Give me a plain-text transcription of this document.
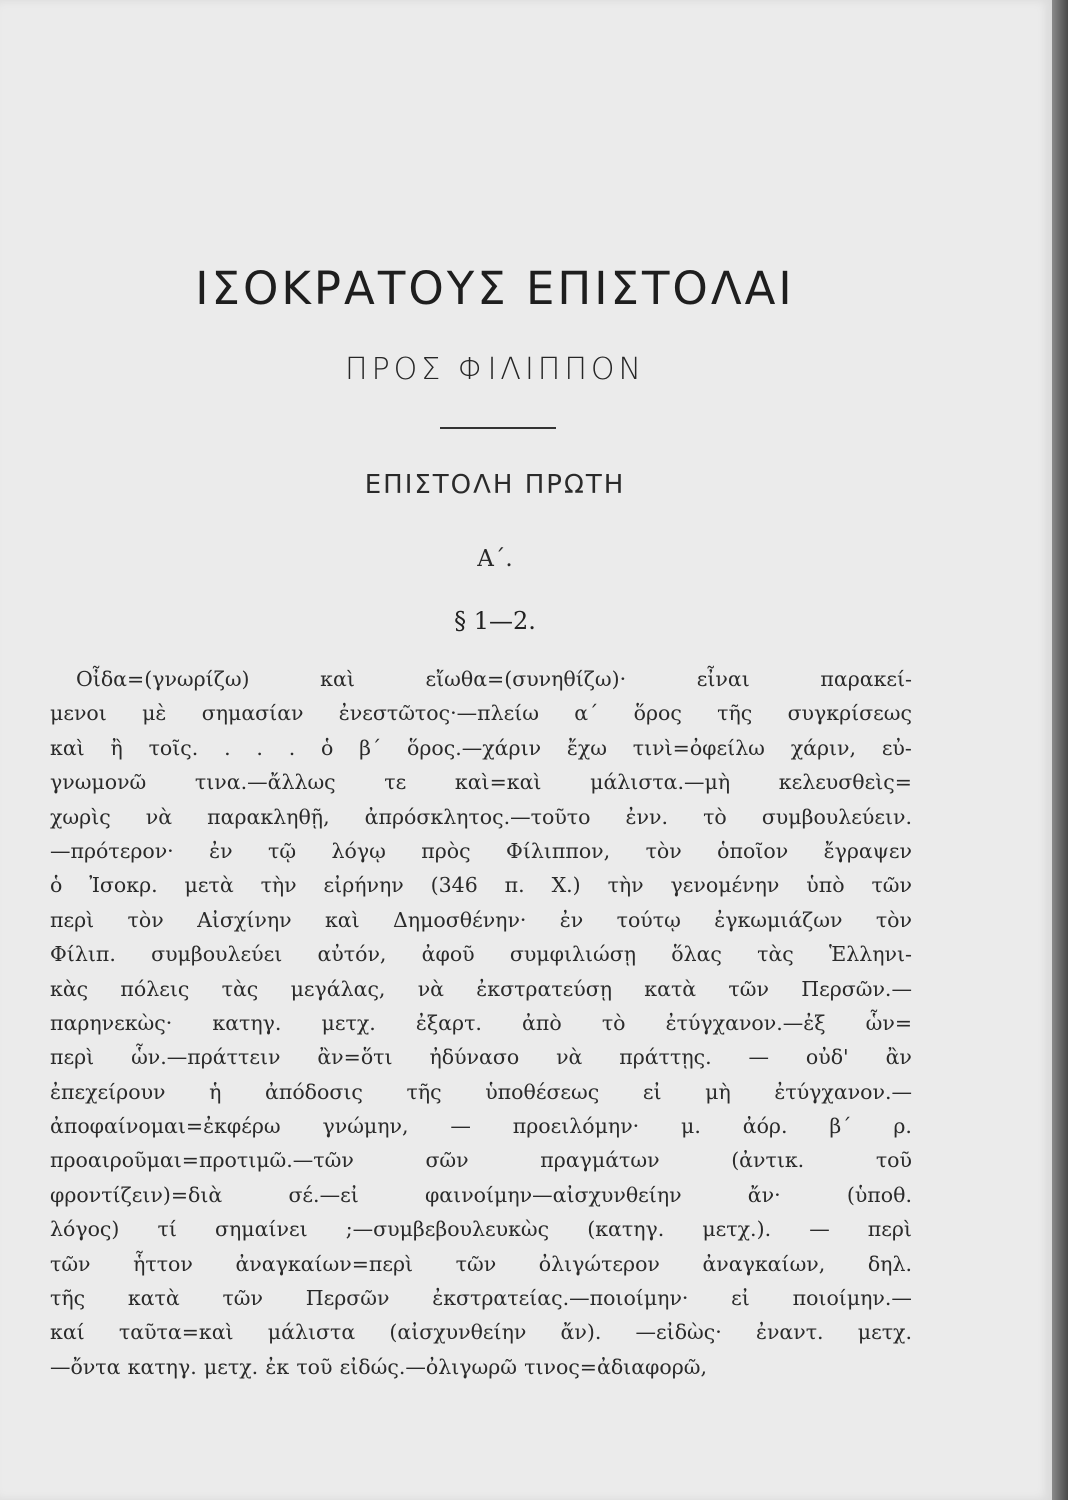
ΙΣΟΚΡΑΤΟΥΣ ΕΠΙΣΤΟΛΑΙ
ΠΡΟΣ ΦΙΛΙΠΠΟΝ
ΕΠΙΣΤΟΛΗ ΠΡΩΤΗ
Α΄.
§ 1—2.
Οἶδα=(γνωρίζω)	καὶ	εἴωθα=(συνηθίζω)·	εἶναι	παρακεί-
μενοι μὲ σημασίαν ἐνεστῶτος·—πλείω α΄ ὅρος τῆς συγκρίσεως
καὶ ἢ τοῖς. . . . ὁ β΄ ὅρος.—χάριν ἔχω τινὶ=ὀφείλω χάριν, εὐ-
γνωμονῶ τινα.—ἄλλως τε καὶ=καὶ μάλιστα.—μὴ κελευσθεὶς=
χωρὶς νὰ παρακληθῇ, ἀπρόσκλητος.—τοῦτο ἐνν. τὸ συμβουλεύειν.
—πρότερον· ἐν τῷ λόγῳ πρὸς Φίλιππον, τὸν ὁποῖον ἔγραψεν
ὁ Ἰσοκρ. μετὰ τὴν εἰρήνην (346 π. Χ.) τὴν γενομένην ὑπὸ τῶν
περὶ τὸν Αἰσχίνην καὶ Δημοσθένην· ἐν τούτῳ ἐγκωμιάζων τὸν
Φίλιπ. συμβουλεύει αὐτόν, ἀφοῦ συμφιλιώσῃ ὅλας τὰς Ἑλληνι-
κὰς πόλεις τὰς μεγάλας, νὰ ἐκστρατεύσῃ κατὰ τῶν Περσῶν.—
παρηνεκὼς· κατηγ. μετχ. ἐξαρτ. ἀπὸ τὸ ἐτύγχανον.—ἐξ ὧν=
περὶ ὧν.—πράττειν ἂν=ὅτι ἠδύνασο νὰ πράττῃς. — οὐδ' ἂν
ἐπεχείρουν ἡ ἀπόδοσις τῆς ὑποθέσεως εἰ μὴ ἐτύγχανον.—
ἀποφαίνομαι=ἐκφέρω γνώμην, — προειλόμην· μ. ἀόρ. β΄ ρ.
προαιροῦμαι=προτιμῶ.—τῶν	σῶν	πραγμάτων	(ἀντικ.	τοῦ
φροντίζειν)=διὰ	σέ.—εἰ	φαινοίμην—αἰσχυνθείην	ἄν·	(ὑποθ.
λόγος) τί σημαίνει ;—συμβεβουλευκὼς (κατηγ. μετχ.). — περὶ
τῶν ἧττον ἀναγκαίων=περὶ τῶν ὀλιγώτερον ἀναγκαίων, δηλ.
τῆς κατὰ τῶν Περσῶν ἐκστρατείας.—ποιοίμην· εἰ ποιοίμην.—
καί ταῦτα=καὶ μάλιστα (αἰσχυνθείην ἄν). —εἰδὼς· ἐναντ. μετχ.
—ὄντα κατηγ. μετχ. ἐκ τοῦ εἰδώς.—ὀλιγωρῶ τινος=ἀδιαφορῶ,
